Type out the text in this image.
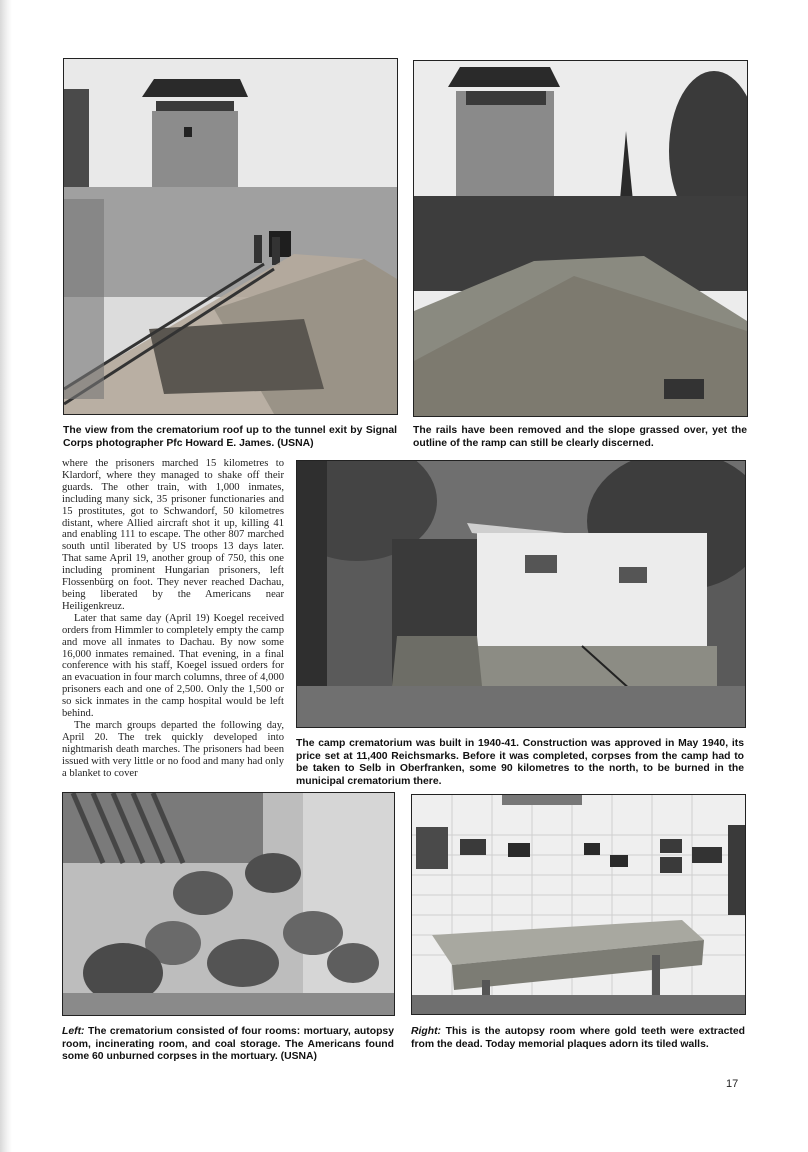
The view from the crematorium roof up to the tunnel exit by Signal Corps photographer Pfc Howard E. James. (USNA)
The rails have been removed and the slope grassed over, yet the outline of the ramp can still be clearly discerned.

where the prisoners marched 15 kilometres to Klardorf, where they managed to shake off their guards. The other train, with 1,000 inmates, including many sick, 35 prisoner functionaries and 15 prostitutes, got to Schwandorf, 50 kilometres distant, where Allied aircraft shot it up, killing 41 and enabling 111 to escape. The other 807 marched south until liberated by US troops 13 days later. That same April 19, another group of 750, this one including prominent Hungarian prisoners, left Flossenbürg on foot. They never reached Dachau, being liberated by the Americans near Heiligenkreuz.

Later that same day (April 19) Koegel received orders from Himmler to completely empty the camp and move all inmates to Dachau. By now some 16,000 inmates remained. That evening, in a final conference with his staff, Koegel issued orders for an evacuation in four march columns, three of 4,000 prisoners each and one of 2,500. Only the 1,500 or so sick inmates in the camp hospital would be left behind.

The march groups departed the following day, April 20. The trek quickly developed into nightmarish death marches. The prisoners had been issued with very little or no food and many had only a blanket to cover

The camp crematorium was built in 1940-41. Construction was approved in May 1940, its price set at 11,400 Reichsmarks. Before it was completed, corpses from the camp had to be taken to Selb in Oberfranken, some 90 kilometres to the north, to be burned in the municipal crematorium there.
Left: The crematorium consisted of four rooms: mortuary, autopsy room, incinerating room, and coal storage. The Americans found some 60 unburned corpses in the mortuary. (USNA)
Right: This is the autopsy room where gold teeth were extracted from the dead. Today memorial plaques adorn its tiled walls.
17
